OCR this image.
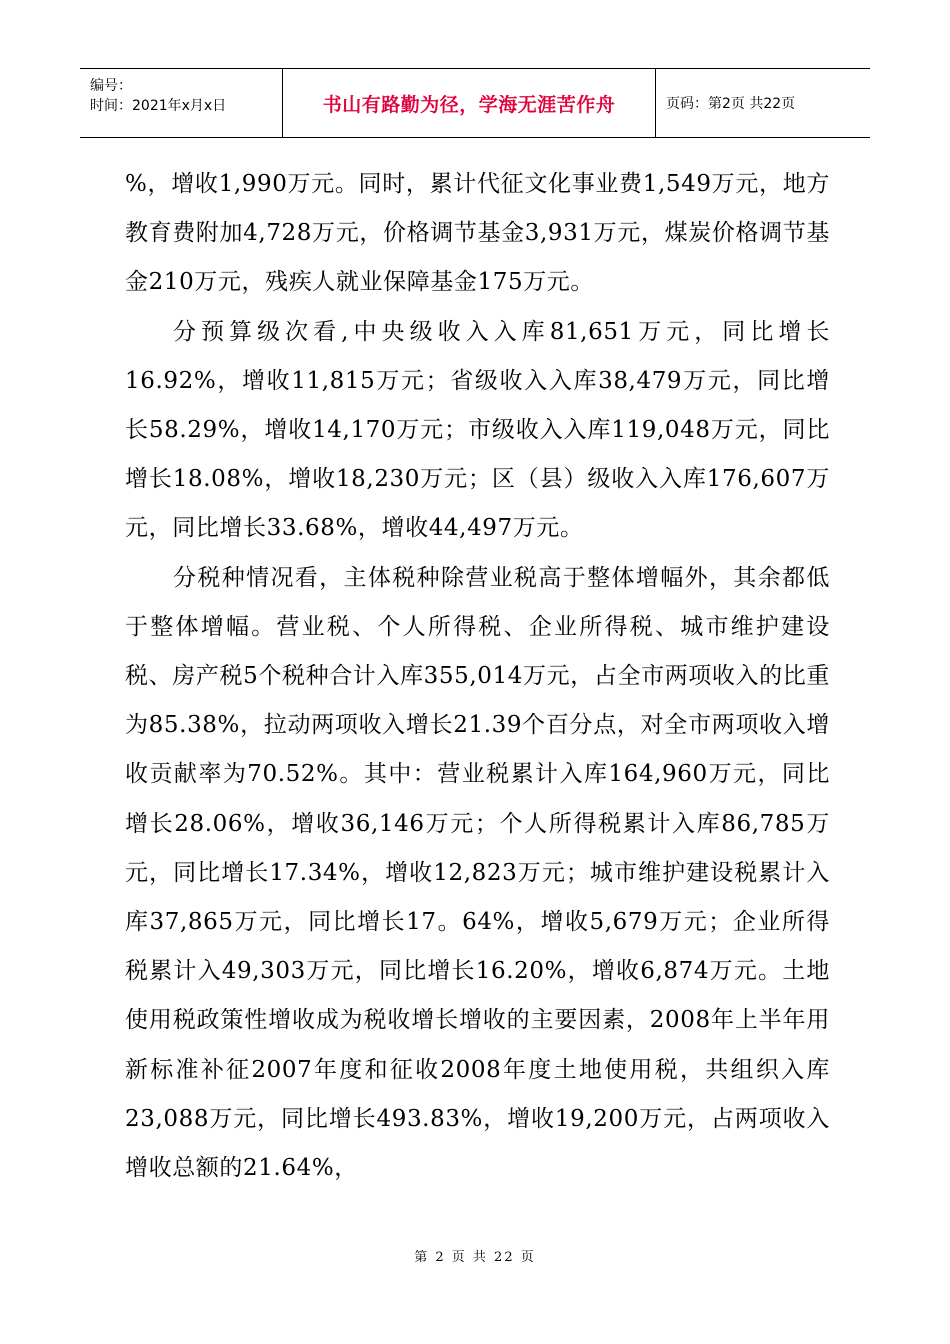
编号：
时间：2021年x月x日	书山有路勤为径，学海无涯苦作舟	页码：第2页 共22页

%，增收1,990万元。同时，累计代征文化事业费1,549万元，地方教育费附加4,728万元，价格调节基金3,931万元，煤炭价格调节基金210万元，残疾人就业保障基金175万元。

分预算级次看,中央级收入入库81,651万元，同比增长16.92%，增收11,815万元；省级收入入库38,479万元，同比增长58.29%，增收14,170万元；市级收入入库119,048万元，同比增长18.08%，增收18,230万元；区（县）级收入入库176,607万元，同比增长33.68%，增收44,497万元。

分税种情况看，主体税种除营业税高于整体增幅外，其余都低于整体增幅。营业税、个人所得税、企业所得税、城市维护建设税、房产税5个税种合计入库355,014万元，占全市两项收入的比重为85.38%，拉动两项收入增长21.39个百分点，对全市两项收入增收贡献率为70.52%。其中：营业税累计入库164,960万元，同比增长28.06%，增收36,146万元；个人所得税累计入库86,785万元，同比增长17.34%，增收12,823万元；城市维护建设税累计入库37,865万元，同比增长17。64%，增收5,679万元；企业所得税累计入49,303万元，同比增长16.20%，增收6,874万元。土地使用税政策性增收成为税收增长增收的主要因素，2008年上半年用新标准补征2007年度和征收2008年度土地使用税，共组织入库23,088万元，同比增长493.83%，增收19,200万元，占两项收入增收总额的21.64%，

第 2 页 共 22 页
